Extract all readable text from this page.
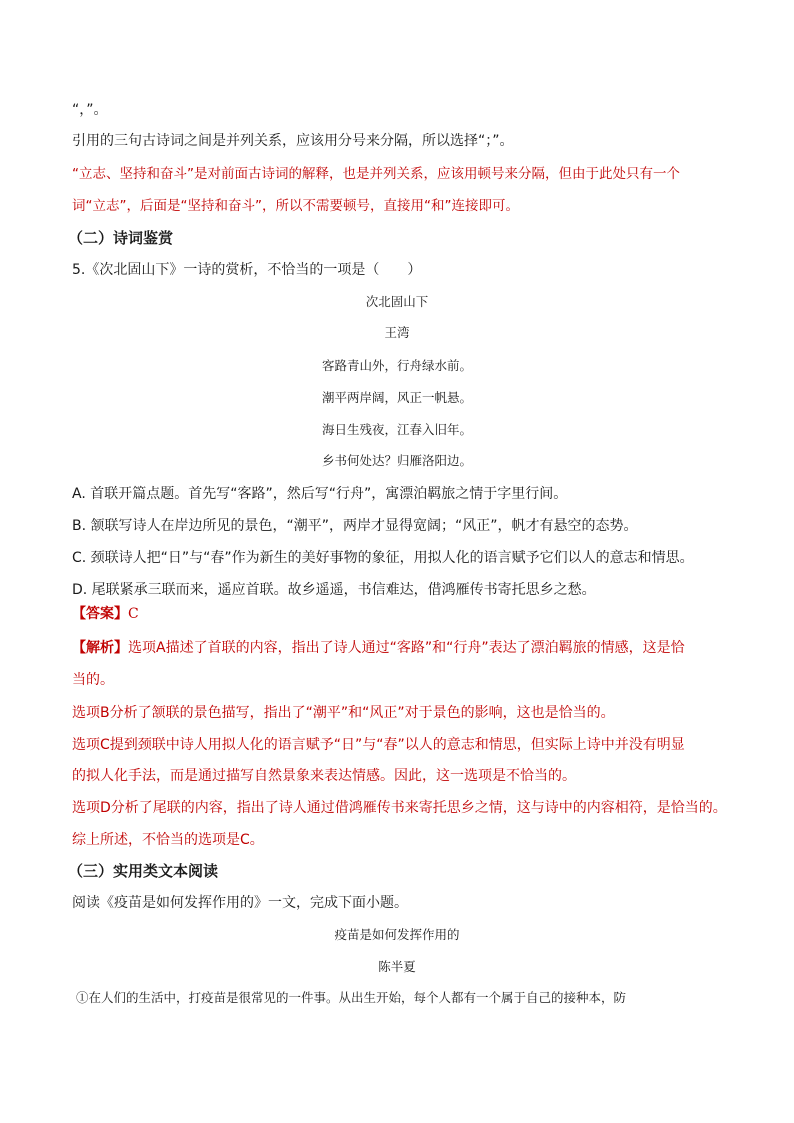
“，”。
引用的三句古诗词之间是并列关系，应该用分号来分隔，所以选择“；”。
“立志、坚持和奋斗”是对前面古诗词的解释，也是并列关系，应该用顿号来分隔，但由于此处只有一个
词“立志”，后面是“坚持和奋斗”，所以不需要顿号，直接用“和”连接即可。
（二）诗词鉴赏
5.《次北固山下》一诗的赏析，不恰当的一项是（　　）
次北固山下
王湾
客路青山外，行舟绿水前。
潮平两岸阔，风正一帆悬。
海日生残夜，江春入旧年。
乡书何处达？归雁洛阳边。
A. 首联开篇点题。首先写“客路”，然后写“行舟”，寓漂泊羁旅之情于字里行间。
B. 颔联写诗人在岸边所见的景色，“潮平”，两岸才显得宽阔；“风正”，帆才有悬空的态势。
C. 颈联诗人把“日”与“春”作为新生的美好事物的象征，用拟人化的语言赋予它们以人的意志和情思。
D. 尾联紧承三联而来，遥应首联。故乡遥遥，书信难达，借鸿雁传书寄托思乡之愁。
【答案】C
【解析】选项A描述了首联的内容，指出了诗人通过“客路”和“行舟”表达了漂泊羁旅的情感，这是恰
当的。
选项B分析了颔联的景色描写，指出了“潮平”和“风正”对于景色的影响，这也是恰当的。
选项C提到颈联中诗人用拟人化的语言赋予“日”与“春”以人的意志和情思，但实际上诗中并没有明显
的拟人化手法，而是通过描写自然景象来表达情感。因此，这一选项是不恰当的。
选项D分析了尾联的内容，指出了诗人通过借鸿雁传书来寄托思乡之情，这与诗中的内容相符，是恰当的。
综上所述，不恰当的选项是C。
（三）实用类文本阅读
阅读《疫苗是如何发挥作用的》一文，完成下面小题。
疫苗是如何发挥作用的
陈半夏
①在人们的生活中，打疫苗是很常见的一件事。从出生开始，每个人都有一个属于自己的接种本，防
